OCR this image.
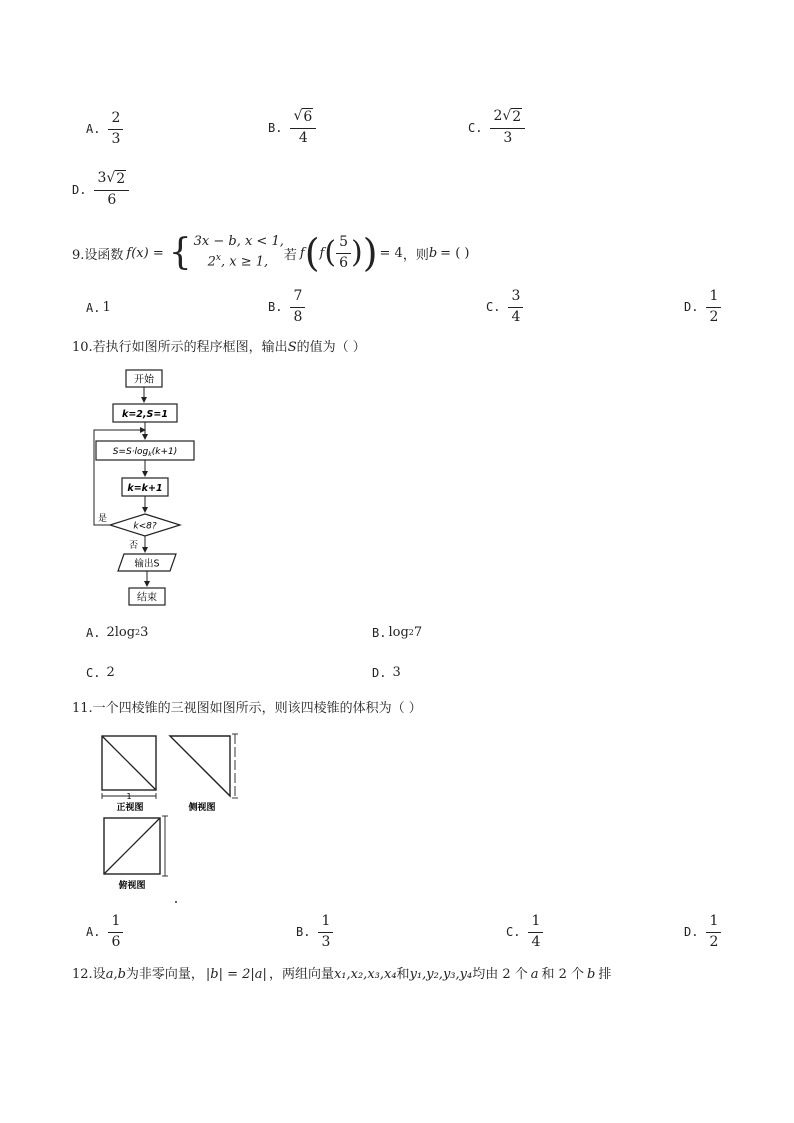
A. $\frac{2}{3}$	B. $\frac{√ 6}{4}$	C. $\frac{2 √ 2}{3}$
D. $\frac{3 √ 2}{6}$
9.设函数 f(x) = { 3x − b, x < 1,
2$^x$, x ≥ 1,	若 f ( f ( $\frac{5}{6}$ ) ) = 4 ，则 b = ( )
A. 1	B. $\frac{7}{8}$	C. $\frac{3}{4}$	D. $\frac{1}{2}$
10.若执行如图所示的程序框图，输出S的值为（ ）
开始
k=2,S=1
$S=S\cdot\log_k(k+1)$
k=k+1
k<8?
是
否
输出S
结束
A. 2log 2 3	B. log 2 7
C. 2	D. 3
11.一个四棱锥的三视图如图所示，则该四棱锥的体积为（ ）
1
正视图	侧视图
俯视图
A. $\frac{1}{6}$	B. $\frac{1}{3}$	C. $\frac{1}{4}$	D. $\frac{1}{2}$
12.设a,b为非零向量， |b| = 2|a| ，两组向量x₁,x₂,x₃,x₄和y₁,y₂,y₃,y₄均由 2 个 a 和 2 个 b 排
